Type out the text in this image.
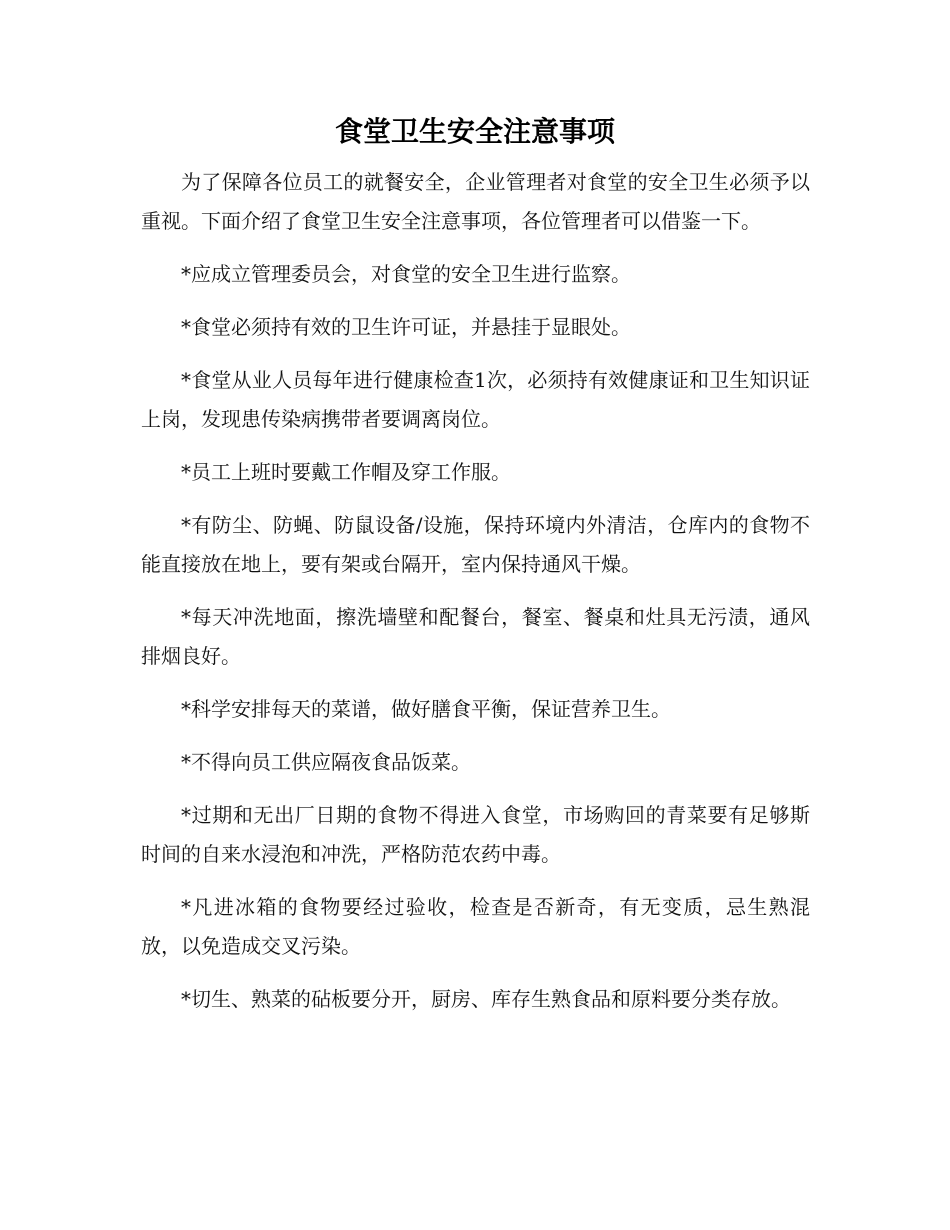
食堂卫生安全注意事项

为了保障各位员工的就餐安全，企业管理者对食堂的安全卫生必须予以重视。下面介绍了食堂卫生安全注意事项，各位管理者可以借鉴一下。

*应成立管理委员会，对食堂的安全卫生进行监察。

*食堂必须持有效的卫生许可证，并悬挂于显眼处。

*食堂从业人员每年进行健康检查1次，必须持有效健康证和卫生知识证上岗，发现患传染病携带者要调离岗位。

*员工上班时要戴工作帽及穿工作服。

*有防尘、防蝇、防鼠设备/设施，保持环境内外清洁，仓库内的食物不能直接放在地上，要有架或台隔开，室内保持通风干燥。

*每天冲洗地面，擦洗墙壁和配餐台，餐室、餐桌和灶具无污渍，通风排烟良好。

*科学安排每天的菜谱，做好膳食平衡，保证营养卫生。

*不得向员工供应隔夜食品饭菜。

*过期和无出厂日期的食物不得进入食堂，市场购回的青菜要有足够斯时间的自来水浸泡和冲洗，严格防范农药中毒。

*凡进冰箱的食物要经过验收，检查是否新奇，有无变质，忌生熟混放，以免造成交叉污染。

*切生、熟菜的砧板要分开，厨房、库存生熟食品和原料要分类存放。
